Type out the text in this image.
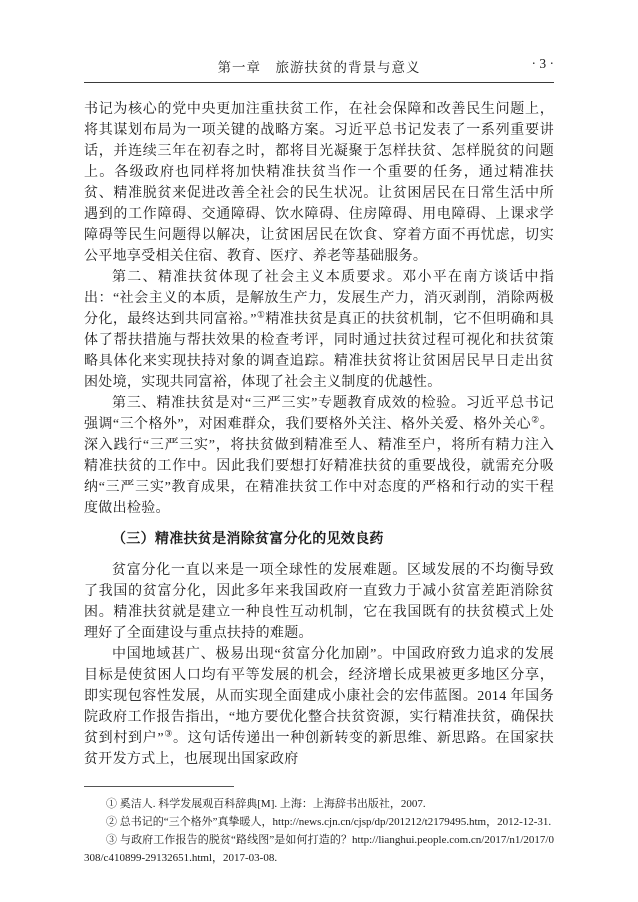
第一章　旅游扶贫的背景与意义	· 3 ·

书记为核心的党中央更加注重扶贫工作，在社会保障和改善民生问题上，将其谋划布局为一项关键的战略方案。习近平总书记发表了一系列重要讲话，并连续三年在初春之时，都将目光凝聚于怎样扶贫、怎样脱贫的问题上。各级政府也同样将加快精准扶贫当作一个重要的任务，通过精准扶贫、精准脱贫来促进改善全社会的民生状况。让贫困居民在日常生活中所遇到的工作障碍、交通障碍、饮水障碍、住房障碍、用电障碍、上课求学障碍等民生问题得以解决，让贫困居民在饮食、穿着方面不再忧虑，切实公平地享受相关住宿、教育、医疗、养老等基础服务。

第二、精准扶贫体现了社会主义本质要求。邓小平在南方谈话中指出：“社会主义的本质，是解放生产力，发展生产力，消灭剥削，消除两极分化，最终达到共同富裕。”①精准扶贫是真正的扶贫机制，它不但明确和具体了帮扶措施与帮扶效果的检查考评，同时通过扶贫过程可视化和扶贫策略具体化来实现扶持对象的调查追踪。精准扶贫将让贫困居民早日走出贫困处境，实现共同富裕，体现了社会主义制度的优越性。

第三、精准扶贫是对“三严三实”专题教育成效的检验。习近平总书记强调“三个格外”，对困难群众，我们要格外关注、格外关爱、格外关心②。深入践行“三严三实”，将扶贫做到精准至人、精准至户，将所有精力注入精准扶贫的工作中。因此我们要想打好精准扶贫的重要战役，就需充分吸纳“三严三实”教育成果，在精准扶贫工作中对态度的严格和行动的实干程度做出检验。

（三）精准扶贫是消除贫富分化的见效良药

贫富分化一直以来是一项全球性的发展难题。区域发展的不均衡导致了我国的贫富分化，因此多年来我国政府一直致力于减小贫富差距消除贫困。精准扶贫就是建立一种良性互动机制，它在我国既有的扶贫模式上处理好了全面建设与重点扶持的难题。

中国地域甚广、极易出现“贫富分化加剧”。中国政府致力追求的发展目标是使贫困人口均有平等发展的机会，经济增长成果被更多地区分享，即实现包容性发展，从而实现全面建成小康社会的宏伟蓝图。2014 年国务院政府工作报告指出，“地方要优化整合扶贫资源，实行精准扶贫，确保扶贫到村到户”③。这句话传递出一种创新转变的新思维、新思路。在国家扶贫开发方式上，也展现出国家政府

① 奚洁人. 科学发展观百科辞典[M]. 上海：上海辞书出版社，2007.

② 总书记的“三个格外”真挚暖人，http://news.cjn.cn/cjsp/dp/201212/t2179495.htm，2012-12-31.

③ 与政府工作报告的脱贫“路线图”是如何打造的？http://lianghui.people.com.cn/2017/n1/2017/0308/c410899-29132651.html，2017-03-08.
